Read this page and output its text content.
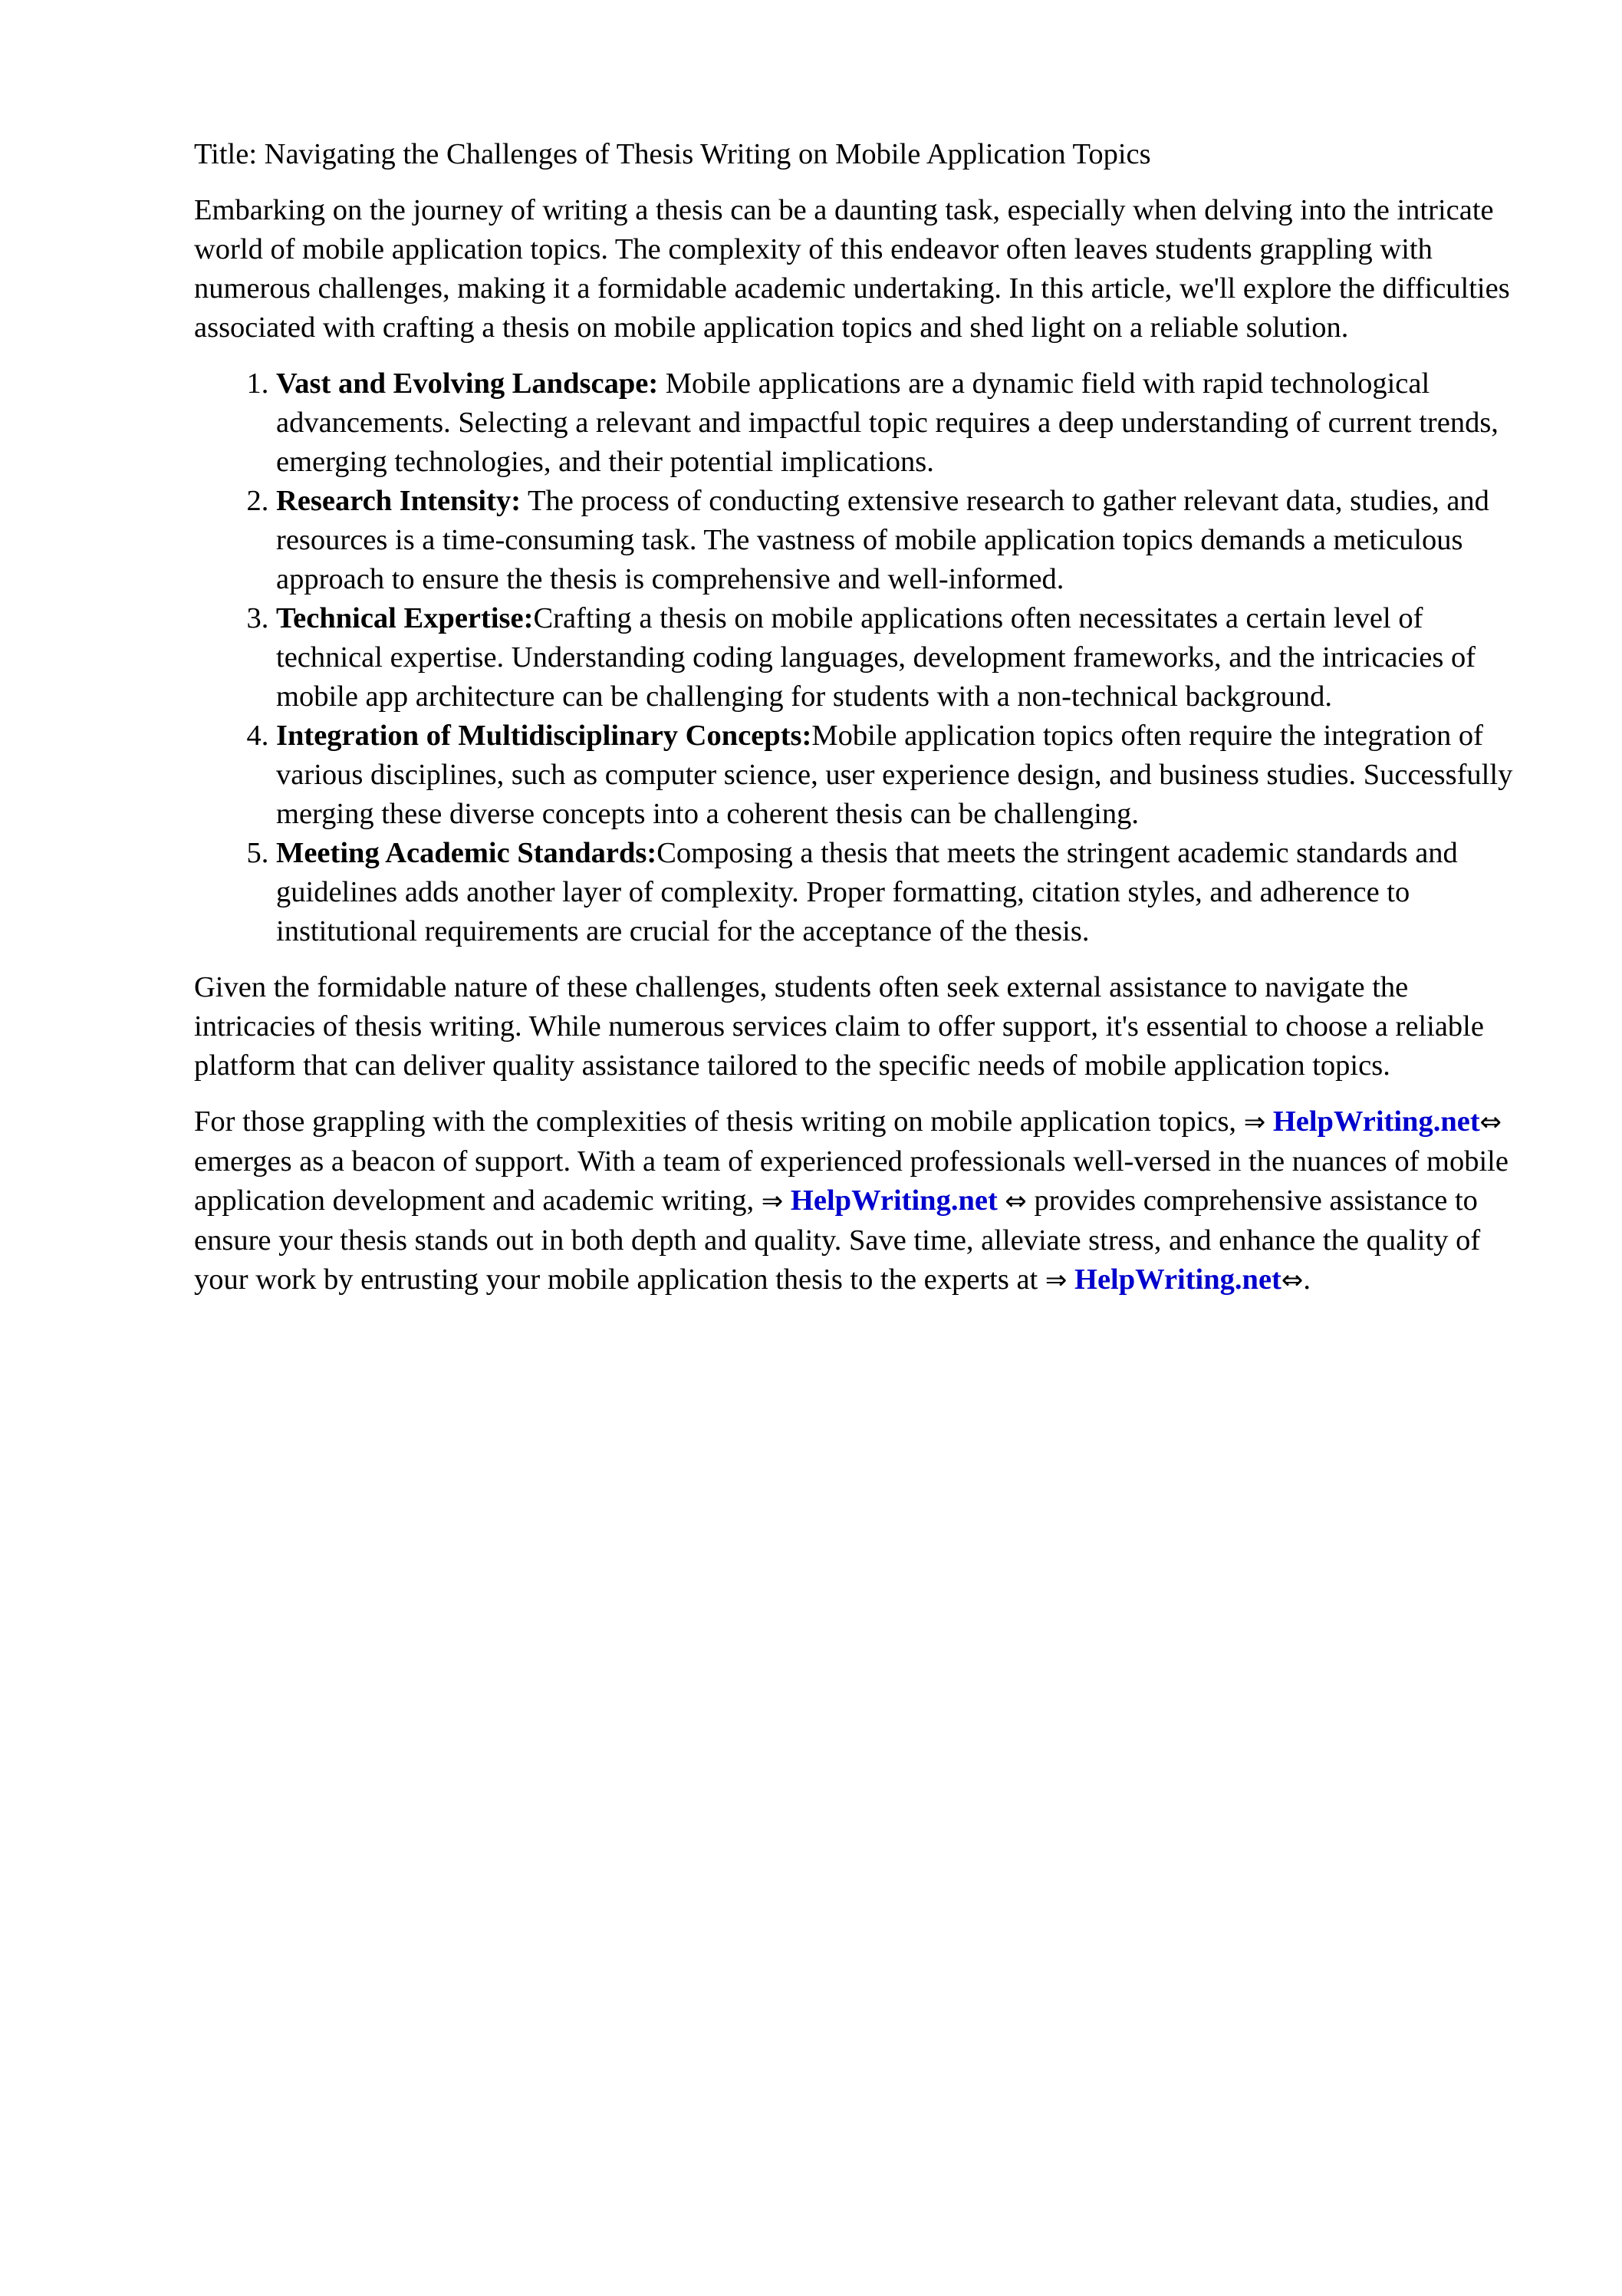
Title: Navigating the Challenges of Thesis Writing on Mobile Application Topics

Embarking on the journey of writing a thesis can be a daunting task, especially when delving into the intricate world of mobile application topics. The complexity of this endeavor often leaves students grappling with numerous challenges, making it a formidable academic undertaking. In this article, we'll explore the difficulties associated with crafting a thesis on mobile application topics and shed light on a reliable solution.

1. Vast and Evolving Landscape: Mobile applications are a dynamic field with rapid technological advancements. Selecting a relevant and impactful topic requires a deep understanding of current trends, emerging technologies, and their potential implications.
2. Research Intensity: The process of conducting extensive research to gather relevant data, studies, and resources is a time-consuming task. The vastness of mobile application topics demands a meticulous approach to ensure the thesis is comprehensive and well-informed.
3. Technical Expertise:Crafting a thesis on mobile applications often necessitates a certain level of technical expertise. Understanding coding languages, development frameworks, and the intricacies of mobile app architecture can be challenging for students with a non-technical background.
4. Integration of Multidisciplinary Concepts:Mobile application topics often require the integration of various disciplines, such as computer science, user experience design, and business studies. Successfully merging these diverse concepts into a coherent thesis can be challenging.
5. Meeting Academic Standards:Composing a thesis that meets the stringent academic standards and guidelines adds another layer of complexity. Proper formatting, citation styles, and adherence to institutional requirements are crucial for the acceptance of the thesis.

Given the formidable nature of these challenges, students often seek external assistance to navigate the intricacies of thesis writing. While numerous services claim to offer support, it's essential to choose a reliable platform that can deliver quality assistance tailored to the specific needs of mobile application topics.

For those grappling with the complexities of thesis writing on mobile application topics, ⇒ HelpWriting.net⇔ emerges as a beacon of support. With a team of experienced professionals well-versed in the nuances of mobile application development and academic writing, ⇒ HelpWriting.net ⇔ provides comprehensive assistance to ensure your thesis stands out in both depth and quality. Save time, alleviate stress, and enhance the quality of your work by entrusting your mobile application thesis to the experts at ⇒ HelpWriting.net⇔.
